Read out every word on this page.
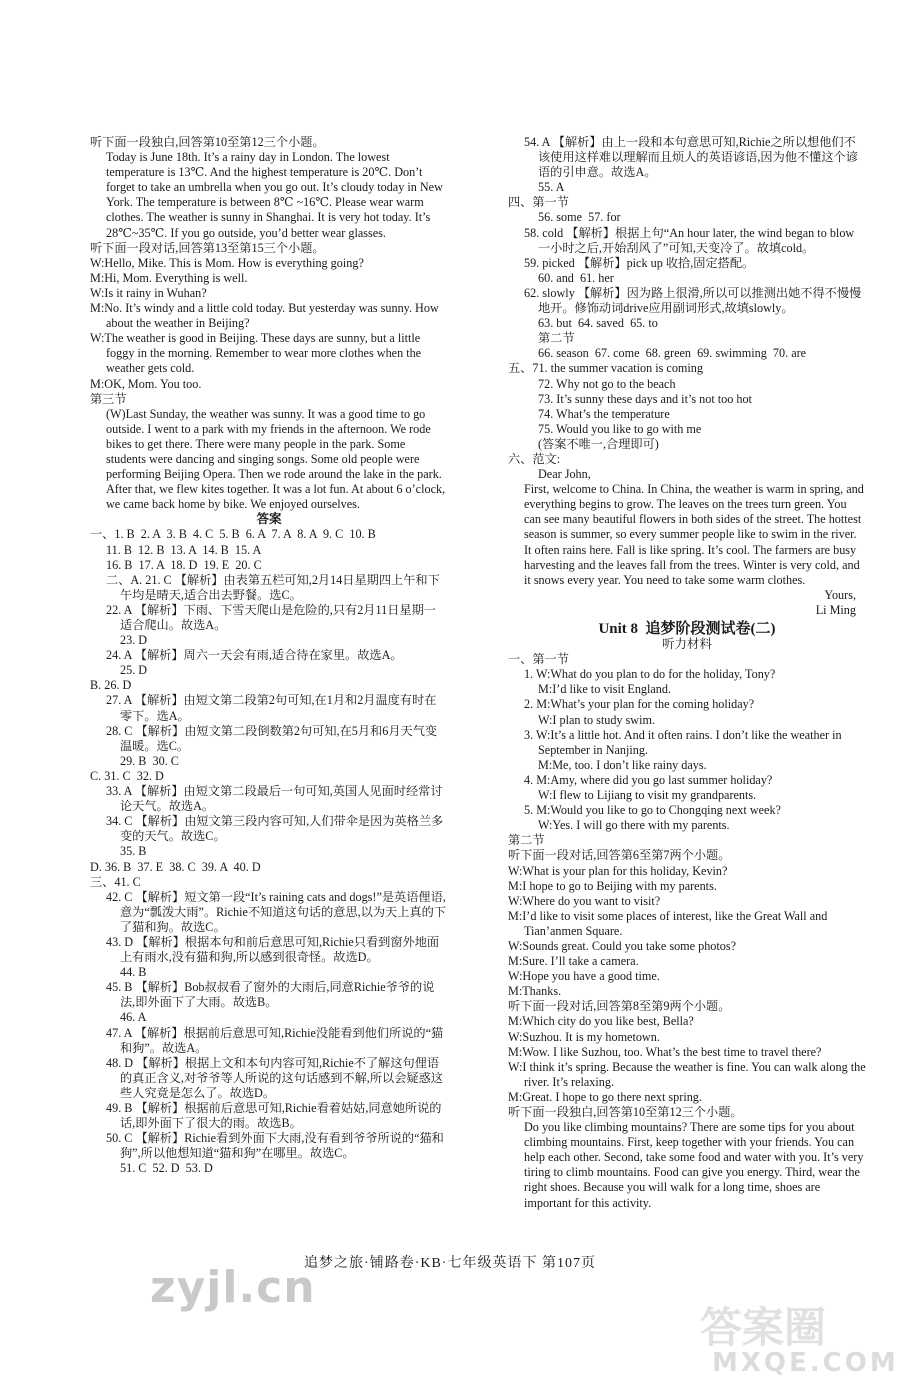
听下面一段独白,回答第10至第12三个小题。
Today is June 18th. It’s a rainy day in London. The lowest temperature is 13℃. And the highest temperature is 20℃. Don’t forget to take an umbrella when you go out. It’s cloudy today in New York. The temperature is between 8℃ ~16℃. Please wear warm clothes. The weather is sunny in Shanghai. It is very hot today. It’s 28℃~35℃. If you go outside, you’d better wear glasses.
听下面一段对话,回答第13至第15三个小题。
W:Hello, Mike. This is Mom. How is everything going?
M:Hi, Mom. Everything is well.
W:Is it rainy in Wuhan?
M:No. It’s windy and a little cold today. But yesterday was sunny. How about the weather in Beijing?
W:The weather is good in Beijing. These days are sunny, but a little foggy in the morning. Remember to wear more clothes when the weather gets cold.
M:OK, Mom. You too.
第三节
(W)Last Sunday, the weather was sunny. It was a good time to go outside. I went to a park with my friends in the afternoon. We rode bikes to get there. There were many people in the park. Some students were dancing and singing songs. Some old people were performing Beijing Opera. Then we rode around the lake in the park. After that, we flew kites together. It was a lot fun. At about 6 o’clock, we came back home by bike. We enjoyed ourselves.
答案
一、1. B  2. A  3. B  4. C  5. B  6. A  7. A  8. A  9. C  10. B
11. B  12. B  13. A  14. B  15. A
16. B  17. A  18. D  19. E  20. C
二、A. 21. C 【解析】由表第五栏可知,2月14日星期四上午和下午均是晴天,适合出去野餐。选C。
22. A 【解析】下雨、下雪天爬山是危险的,只有2月11日星期一适合爬山。故选A。
23. D
24. A 【解析】周六一天会有雨,适合待在家里。故选A。
25. D
B. 26. D
27. A 【解析】由短文第二段第2句可知,在1月和2月温度有时在零下。选A。
28. C 【解析】由短文第二段倒数第2句可知,在5月和6月天气变温暖。选C。
29. B  30. C
C. 31. C  32. D
33. A 【解析】由短文第二段最后一句可知,英国人见面时经常讨论天气。故选A。
34. C 【解析】由短文第三段内容可知,人们带伞是因为英格兰多变的天气。故选C。
35. B
D. 36. B  37. E  38. C  39. A  40. D
三、41. C
42. C 【解析】短文第一段“It’s raining cats and dogs!”是英语俚语,意为“瓢泼大雨”。Richie不知道这句话的意思,以为天上真的下了猫和狗。故选C。
43. D 【解析】根据本句和前后意思可知,Richie只看到窗外地面上有雨水,没有猫和狗,所以感到很奇怪。故选D。
44. B
45. B 【解析】Bob叔叔看了窗外的大雨后,同意Richie爷爷的说法,即外面下了大雨。故选B。
46. A
47. A 【解析】根据前后意思可知,Richie没能看到他们所说的“猫和狗”。故选A。
48. D 【解析】根据上文和本句内容可知,Richie不了解这句俚语的真正含义,对爷爷等人所说的这句话感到不解,所以会疑惑这些人究竟是怎么了。故选D。
49. B 【解析】根据前后意思可知,Richie看着姑姑,同意她所说的话,即外面下了很大的雨。故选B。
50. C 【解析】Richie看到外面下大雨,没有看到爷爷所说的“猫和狗”,所以他想知道“猫和狗”在哪里。故选C。
51. C  52. D  53. D
54. A 【解析】由上一段和本句意思可知,Richie之所以想他们不该使用这样难以理解而且烦人的英语谚语,因为他不懂这个谚语的引申意。故选A。
55. A
四、第一节
56. some  57. for
58. cold 【解析】根据上句“An hour later, the wind began to blow 一小时之后,开始刮风了”可知,天变冷了。故填cold。
59. picked 【解析】pick up 收拾,固定搭配。
60. and  61. her
62. slowly 【解析】因为路上很滑,所以可以推测出她不得不慢慢地开。修饰动词drive应用副词形式,故填slowly。
63. but  64. saved  65. to
第二节
66. season  67. come  68. green  69. swimming  70. are
五、71. the summer vacation is coming
72. Why not go to the beach
73. It’s sunny these days and it’s not too hot
74. What’s the temperature
75. Would you like to go with me
(答案不唯一,合理即可)
六、范文:
Dear John,
First, welcome to China. In China, the weather is warm in spring, and everything begins to grow. The leaves on the trees turn green. You can see many beautiful flowers in both sides of the street. The hottest season is summer, so every summer people like to swim in the river. It often rains here. Fall is like spring. It’s cool. The farmers are busy harvesting and the leaves fall from the trees. Winter is very cold, and it snows every year. You need to take some warm clothes.
Yours,
Li Ming
Unit 8  追梦阶段测试卷(二)
听力材料
一、第一节
1. W:What do you plan to do for the holiday, Tony?
M:I’d like to visit England.
2. M:What’s your plan for the coming holiday?
W:I plan to study swim.
3. W:It’s a little hot. And it often rains. I don’t like the weather in September in Nanjing.
M:Me, too. I don’t like rainy days.
4. M:Amy, where did you go last summer holiday?
W:I flew to Lijiang to visit my grandparents.
5. M:Would you like to go to Chongqing next week?
W:Yes. I will go there with my parents.
第二节
听下面一段对话,回答第6至第7两个小题。
W:What is your plan for this holiday, Kevin?
M:I hope to go to Beijing with my parents.
W:Where do you want to visit?
M:I’d like to visit some places of interest, like the Great Wall and Tian’anmen Square.
W:Sounds great. Could you take some photos?
M:Sure. I’ll take a camera.
W:Hope you have a good time.
M:Thanks.
听下面一段对话,回答第8至第9两个小题。
M:Which city do you like best, Bella?
W:Suzhou. It is my hometown.
M:Wow. I like Suzhou, too. What’s the best time to travel there?
W:I think it’s spring. Because the weather is fine. You can walk along the river. It’s relaxing.
M:Great. I hope to go there next spring.
听下面一段独白,回答第10至第12三个小题。
Do you like climbing mountains? There are some tips for you about climbing mountains. First, keep together with your friends. You can help each other. Second, take some food and water with you. It’s very tiring to climb mountains. Food can give you energy. Third, wear the right shoes. Because you will walk for a long time, shoes are important for this activity.
追梦之旅·铺路卷·KB·七年级英语下 第107页
zyjl.cn
答案圈
MXQE.COM
